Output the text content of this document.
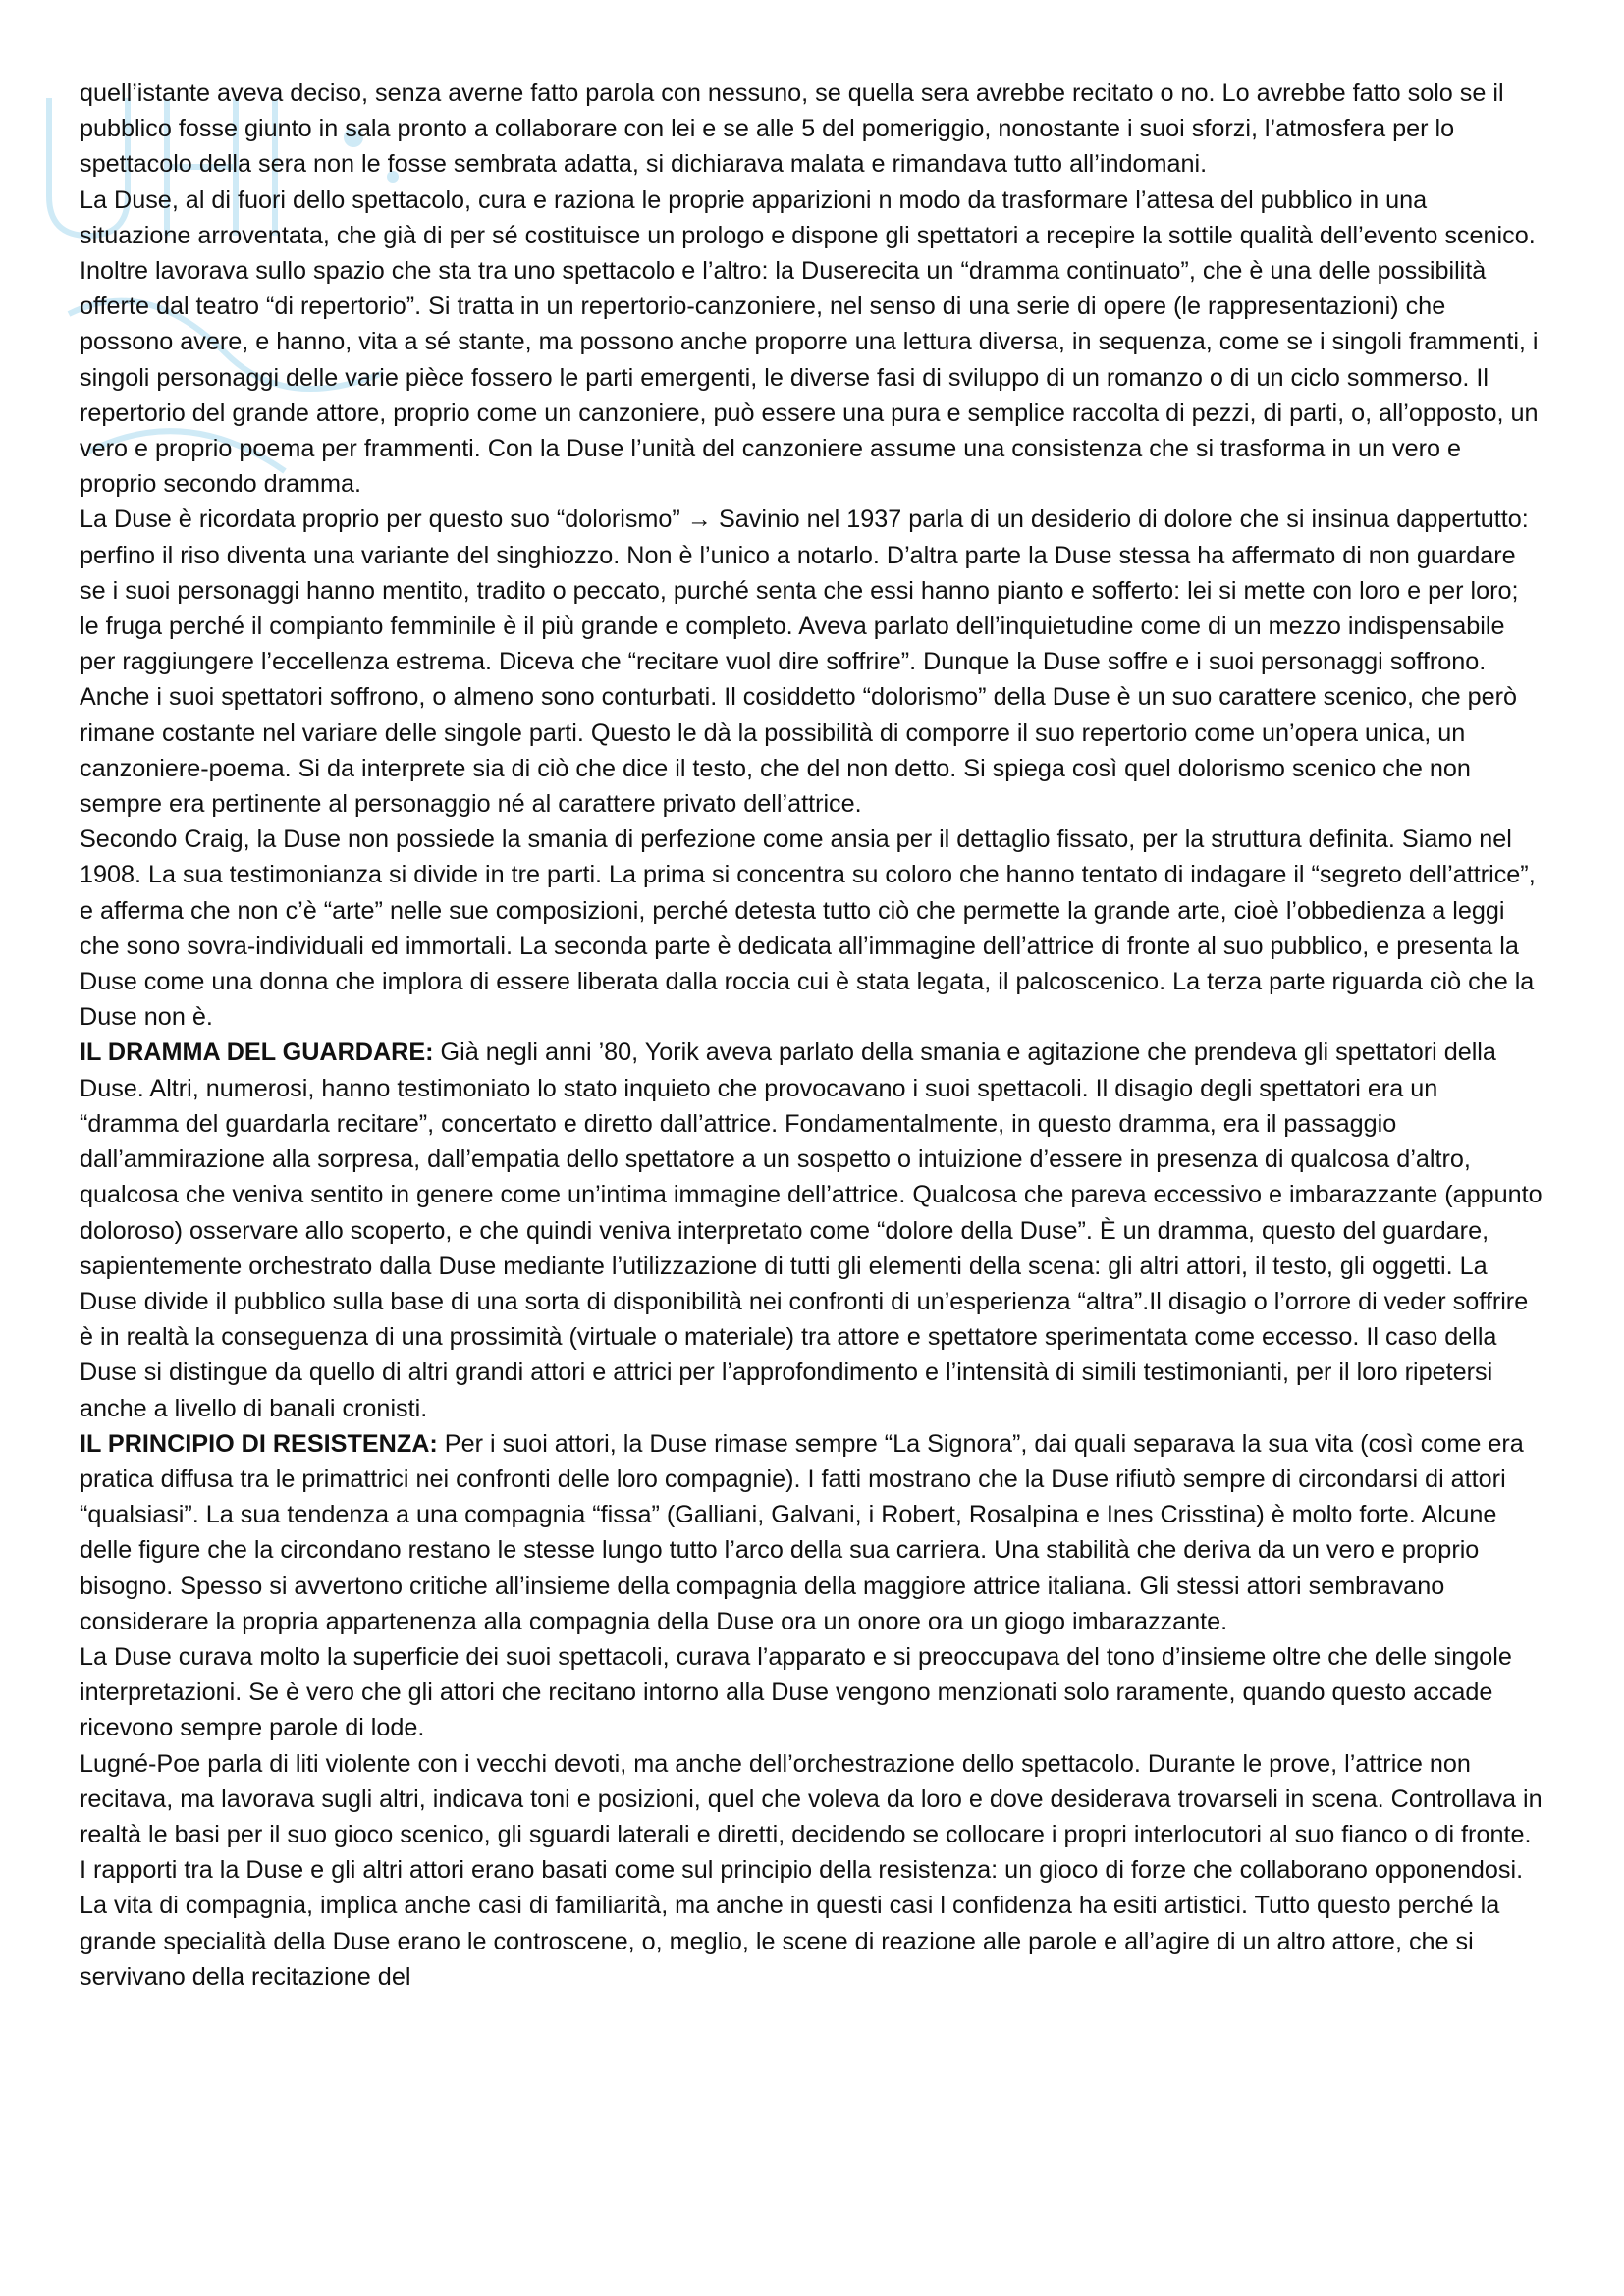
quell’istante aveva deciso, senza averne fatto parola con nessuno, se quella sera avrebbe recitato o no. Lo avrebbe fatto solo se il pubblico fosse giunto in sala pronto a collaborare con lei e se alle 5 del pomeriggio, nonostante i suoi sforzi, l’atmosfera per lo spettacolo della sera non le fosse sembrata adatta, si dichiarava malata e rimandava tutto all’indomani.

La Duse, al di fuori dello spettacolo, cura e raziona le proprie apparizioni n modo da trasformare l’attesa del pubblico in una situazione arroventata, che già di per sé costituisce un prologo e dispone gli spettatori a recepire la sottile qualità dell’evento scenico. Inoltre lavorava sullo spazio che sta tra uno spettacolo e l’altro: la Duserecita un “dramma continuato”, che è una delle possibilità offerte dal teatro “di repertorio”. Si tratta in un repertorio-canzoniere, nel senso di una serie di opere (le rappresentazioni) che possono avere, e hanno, vita a sé stante, ma possono anche proporre una lettura diversa, in sequenza, come se i singoli frammenti, i singoli personaggi delle varie pièce fossero le parti emergenti, le diverse fasi di sviluppo di un romanzo o di un ciclo sommerso. Il repertorio del grande attore, proprio come un canzoniere, può essere una pura e semplice raccolta di pezzi, di parti, o, all’opposto, un vero e proprio poema per frammenti. Con la Duse l’unità del canzoniere assume una consistenza che si trasforma in un vero e proprio secondo dramma.

La Duse è ricordata proprio per questo suo “dolorismo” → Savinio nel 1937 parla di un desiderio di dolore che si insinua dappertutto: perfino il riso diventa una variante del singhiozzo. Non è l’unico a notarlo. D’altra parte la Duse stessa ha affermato di non guardare se i suoi personaggi hanno mentito, tradito o peccato, purché senta che essi hanno pianto e sofferto: lei si mette con loro e per loro; le fruga perché il compianto femminile è il più grande e completo. Aveva parlato dell’inquietudine come di un mezzo indispensabile per raggiungere l’eccellenza estrema. Diceva che “recitare vuol dire soffrire”. Dunque la Duse soffre e i suoi personaggi soffrono. Anche i suoi spettatori soffrono, o almeno sono conturbati. Il cosiddetto “dolorismo” della Duse è un suo carattere scenico, che però rimane costante nel variare delle singole parti. Questo le dà la possibilità di comporre il suo repertorio come un’opera unica, un canzoniere-poema. Si da interprete sia di ciò che dice il testo, che del non detto. Si spiega così quel dolorismo scenico che non sempre era pertinente al personaggio né al carattere privato dell’attrice.

Secondo Craig, la Duse non possiede la smania di perfezione come ansia per il dettaglio fissato, per la struttura definita. Siamo nel 1908. La sua testimonianza si divide in tre parti. La prima si concentra su coloro che hanno tentato di indagare il “segreto dell’attrice”, e afferma che non c’è “arte” nelle sue composizioni, perché detesta tutto ciò che permette la grande arte, cioè l’obbedienza a leggi che sono sovra-individuali ed immortali. La seconda parte è dedicata all’immagine dell’attrice di fronte al suo pubblico, e presenta la Duse come una donna che implora di essere liberata dalla roccia cui è stata legata, il palcoscenico. La terza parte riguarda ciò che la Duse non è.

IL DRAMMA DEL GUARDARE: Già negli anni ’80, Yorik aveva parlato della smania e agitazione che prendeva gli spettatori della Duse. Altri, numerosi, hanno testimoniato lo stato inquieto che provocavano i suoi spettacoli. Il disagio degli spettatori era un “dramma del guardarla recitare”, concertato e diretto dall’attrice. Fondamentalmente, in questo dramma, era il passaggio dall’ammirazione alla sorpresa, dall’empatia dello spettatore a un sospetto o intuizione d’essere in presenza di qualcosa d’altro, qualcosa che veniva sentito in genere come un’intima immagine dell’attrice. Qualcosa che pareva eccessivo e imbarazzante (appunto doloroso) osservare allo scoperto, e che quindi veniva interpretato come “dolore della Duse”. È un dramma, questo del guardare, sapientemente orchestrato dalla Duse mediante l’utilizzazione di tutti gli elementi della scena: gli altri attori, il testo, gli oggetti. La Duse divide il pubblico sulla base di una sorta di disponibilità nei confronti di un’esperienza “altra”.Il disagio o l’orrore di veder soffrire è in realtà la conseguenza di una prossimità (virtuale o materiale) tra attore e spettatore sperimentata come eccesso. Il caso della Duse si distingue da quello di altri grandi attori e attrici per l’approfondimento e l’intensità di simili testimonianti, per il loro ripetersi anche a livello di banali cronisti.

IL PRINCIPIO DI RESISTENZA: Per i suoi attori, la Duse rimase sempre “La Signora”, dai quali separava la sua vita (così come era pratica diffusa tra le primattrici nei confronti delle loro compagnie). I fatti mostrano che la Duse rifiutò sempre di circondarsi di attori “qualsiasi”. La sua tendenza a una compagnia “fissa” (Galliani, Galvani, i Robert, Rosalpina e Ines Crisstina) è molto forte. Alcune delle figure che la circondano restano le stesse lungo tutto l’arco della sua carriera. Una stabilità che deriva da un vero e proprio bisogno. Spesso si avvertono critiche all’insieme della compagnia della maggiore attrice italiana. Gli stessi attori sembravano considerare la propria appartenenza alla compagnia della Duse ora un onore ora un giogo imbarazzante.

La Duse curava molto la superficie dei suoi spettacoli, curava l’apparato e si preoccupava del tono d’insieme oltre che delle singole interpretazioni. Se è vero che gli attori che recitano intorno alla Duse vengono menzionati solo raramente, quando questo accade ricevono sempre parole di lode.

Lugné-Poe parla di liti violente con i vecchi devoti, ma anche dell’orchestrazione dello spettacolo. Durante le prove, l’attrice non recitava, ma lavorava sugli altri, indicava toni e posizioni, quel che voleva da loro e dove desiderava trovarseli in scena. Controllava in realtà le basi per il suo gioco scenico, gli sguardi laterali e diretti, decidendo se collocare i propri interlocutori al suo fianco o di fronte. I rapporti tra la Duse e gli altri attori erano basati come sul principio della resistenza: un gioco di forze che collaborano opponendosi. La vita di compagnia, implica anche casi di familiarità, ma anche in questi casi l confidenza ha esiti artistici. Tutto questo perché la grande specialità della Duse erano le controscene, o, meglio, le scene di reazione alle parole e all’agire di un altro attore, che si servivano della recitazione del
